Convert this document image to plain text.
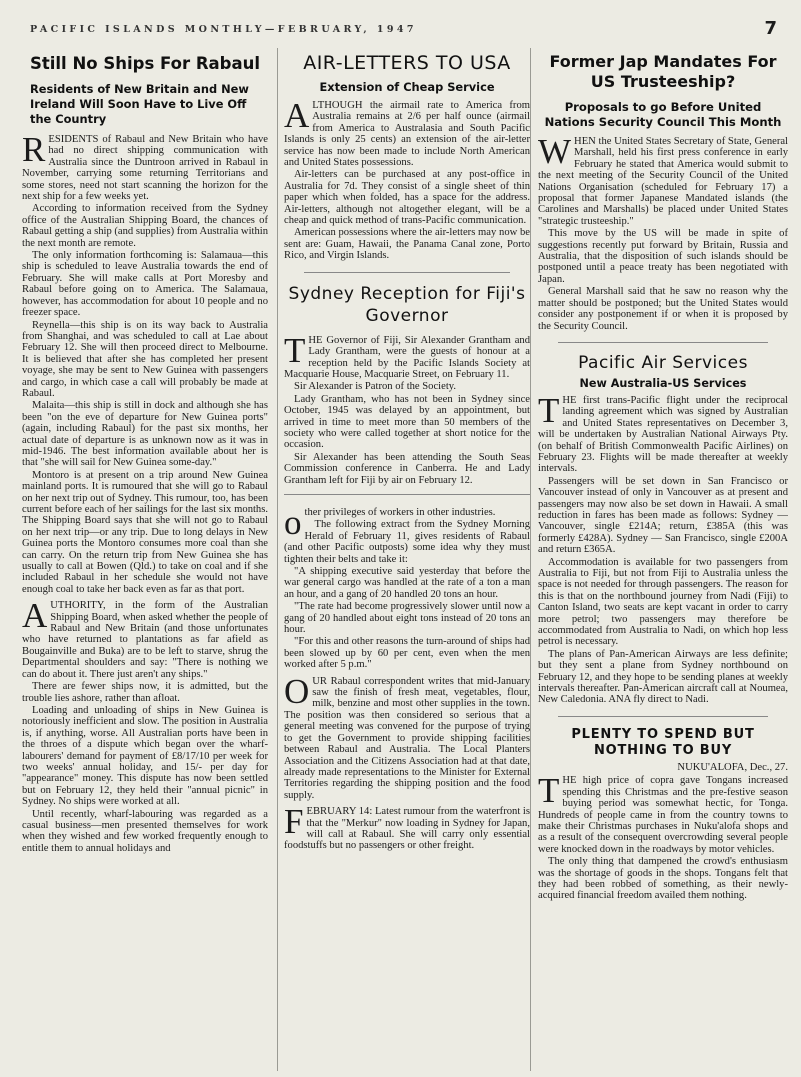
PACIFIC ISLANDS MONTHLY—FEBRUARY, 1947	7
Still No Ships For Rabaul
Residents of New Britain and New Ireland Will Soon Have to Live Off the Country

RESIDENTS of Rabaul and New Britain who have had no direct shipping communication with Australia since the Duntroon arrived in Rabaul in November, carrying some returning Territorians and some stores, need not start scanning the horizon for the next ship for a few weeks yet.

According to information received from the Sydney office of the Australian Shipping Board, the chances of Rabaul getting a ship (and supplies) from Australia within the next month are remote.

The only information forthcoming is: Salamaua—this ship is scheduled to leave Australia towards the end of February. She will make calls at Port Moresby and Rabaul before going on to America. The Salamaua, however, has accommodation for about 10 people and no freezer space.

Reynella—this ship is on its way back to Australia from Shanghai, and was scheduled to call at Lae about February 12. She will then proceed direct to Melbourne. It is believed that after she has completed her present voyage, she may be sent to New Guinea with passengers and cargo, in which case a call will probably be made at Rabaul.

Malaita—this ship is still in dock and although she has been "on the eve of departure for New Guinea ports" (again, including Rabaul) for the past six months, her actual date of departure is as unknown now as it was in mid-1946. The best information available about her is that "she will sail for New Guinea some-day."

Montoro is at present on a trip around New Guinea mainland ports. It is rumoured that she will go to Rabaul on her next trip out of Sydney. This rumour, too, has been current before each of her sailings for the last six months. The Shipping Board says that she will not go to Rabaul on her next trip—or any trip. Due to long delays in New Guinea ports the Montoro consumes more coal than she can carry. On the return trip from New Guinea she has usually to call at Bowen (Qld.) to take on coal and if she included Rabaul in her schedule she would not have enough coal to take her back even as far as that port.

AUTHORITY, in the form of the Australian Shipping Board, when asked whether the people of Rabaul and New Britain (and those unfortunates who have returned to plantations as far afield as Bougainville and Buka) are to be left to starve, shrug the Departmental shoulders and say: "There is nothing we can do about it. There just aren't any ships."

There are fewer ships now, it is admitted, but the trouble lies ashore, rather than afloat.

Loading and unloading of ships in New Guinea is notoriously inefficient and slow. The position in Australia is, if anything, worse. All Australian ports have been in the throes of a dispute which began over the wharf-labourers' demand for payment of £8/17/10 per week for two weeks' annual holiday, and 15/- per day for "appearance" money. This dispute has now been settled but on February 12, they held their "annual picnic" in Sydney. No ships were worked at all.

Until recently, wharf-labouring was regarded as a casual business—men presented themselves for work when they wished and few worked frequently enough to entitle them to annual holidays and

AIR-LETTERS TO USA
Extension of Cheap Service

ALTHOUGH the airmail rate to America from Australia remains at 2/6 per half ounce (airmail from America to Australasia and South Pacific Islands is only 25 cents) an extension of the air-letter service has now been made to include North American and United States possessions.

Air-letters can be purchased at any post-office in Australia for 7d. They consist of a single sheet of thin paper which when folded, has a space for the address. Air-letters, although not altogether elegant, will be a cheap and quick method of trans-Pacific communication.

American possessions where the air-letters may now be sent are: Guam, Hawaii, the Panama Canal zone, Porto Rico, and Virgin Islands.

Sydney Reception for Fiji's Governor

THE Governor of Fiji, Sir Alexander Grantham and Lady Grantham, were the guests of honour at a reception held by the Pacific Islands Society at Macquarie House, Macquarie Street, on February 11.

Sir Alexander is Patron of the Society.

Lady Grantham, who has not been in Sydney since October, 1945 was delayed by an appointment, but arrived in time to meet more than 50 members of the society who were called together at short notice for the occasion.

Sir Alexander has been attending the South Seas Commission conference in Canberra. He and Lady Grantham left for Fiji by air on February 12.

other privileges of workers in other industries.

The following extract from the Sydney Morning Herald of February 11, gives residents of Rabaul (and other Pacific outposts) some idea why they must tighten their belts and take it:

"A shipping executive said yesterday that before the war general cargo was handled at the rate of a ton a man an hour, and a gang of 20 handled 20 tons an hour.

"The rate had become progressively slower until now a gang of 20 handled about eight tons instead of 20 tons an hour.

"For this and other reasons the turn-around of ships had been slowed up by 60 per cent, even when the men worked after 5 p.m."

OUR Rabaul correspondent writes that mid-January saw the finish of fresh meat, vegetables, flour, milk, benzine and most other supplies in the town. The position was then considered so serious that a general meeting was convened for the purpose of trying to get the Government to provide shipping facilities between Rabaul and Australia. The Local Planters Association and the Citizens Association had at that date, already made representations to the Minister for External Territories regarding the shipping position and the food supply.

FEBRUARY 14: Latest rumour from the waterfront is that the "Merkur" now loading in Sydney for Japan, will call at Rabaul. She will carry only essential foodstuffs but no passengers or other freight.

Former Jap Mandates For US Trusteeship?
Proposals to go Before United Nations Security Council This Month

WHEN the United States Secretary of State, General Marshall, held his first press conference in early February he stated that America would submit to the next meeting of the Security Council of the United Nations Organisation (scheduled for February 17) a proposal that former Japanese Mandated islands (the Carolines and Marshalls) be placed under United States "strategic trusteeship."

This move by the US will be made in spite of suggestions recently put forward by Britain, Russia and Australia, that the disposition of such islands should be postponed until a peace treaty has been negotiated with Japan.

General Marshall said that he saw no reason why the matter should be postponed; but the United States would consider any postponement if or when it is proposed by the Security Council.

Pacific Air Services
New Australia-US Services

THE first trans-Pacific flight under the reciprocal landing agreement which was signed by Australian and United States representatives on December 3, will be undertaken by Australian National Airways Pty. (on behalf of British Commonwealth Pacific Airlines) on February 23. Flights will be made thereafter at weekly intervals.

Passengers will be set down in San Francisco or Vancouver instead of only in Vancouver as at present and passengers may now also be set down in Hawaii. A small reduction in fares has been made as follows: Sydney — Vancouver, single £214A; return, £385A (this was formerly £428A). Sydney — San Francisco, single £200A and return £365A.

Accommodation is available for two passengers from Australia to Fiji, but not from Fiji to Australia unless the space is not needed for through passengers. The reason for this is that on the northbound journey from Nadi (Fiji) to Canton Island, two seats are kept vacant in order to carry more petrol; two passengers may therefore be accommodated from Australia to Nadi, on which hop less petrol is necessary.

The plans of Pan-American Airways are less definite; but they sent a plane from Sydney northbound on February 12, and they hope to be sending planes at weekly intervals thereafter. Pan-American aircraft call at Noumea, New Caledonia. ANA fly direct to Nadi.

PLENTY TO SPEND BUT NOTHING TO BUY
NUKU'ALOFA, Dec., 27.

THE high price of copra gave Tongans increased spending this Christmas and the pre-festive season buying period was somewhat hectic, for Tonga. Hundreds of people came in from the country towns to make their Christmas purchases in Nuku'alofa shops and as a result of the consequent overcrowding several people were knocked down in the roadways by motor vehicles.

The only thing that dampened the crowd's enthusiasm was the shortage of goods in the shops. Tongans felt that they had been robbed of something, as their newly-acquired financial freedom availed them nothing.
